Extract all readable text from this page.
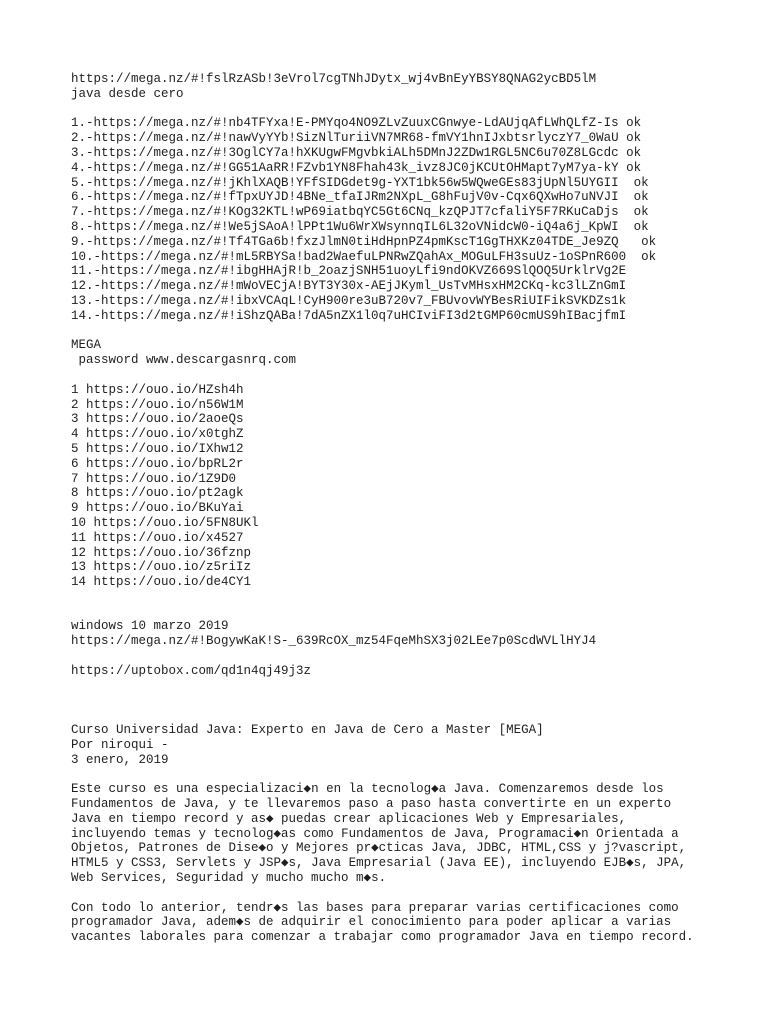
https://mega.nz/#!fslRzASb!3eVrol7cgTNhJDytx_wj4vBnEyYBSY8QNAG2ycBD5lM
java desde cero
1.-https://mega.nz/#!nb4TFYxa!E-PMYqo4NO9ZLvZuuxCGnwye-LdAUjqAfLWhQLfZ-Is ok
2.-https://mega.nz/#!nawVyYYb!SizNlTuriiVN7MR68-fmVY1hnIJxbtsrlyczY7_0WaU ok
3.-https://mega.nz/#!3OglCY7a!hXKUgwFMgvbkiALh5DMnJ2ZDw1RGL5NC6u70Z8LGcdc ok
4.-https://mega.nz/#!GG51AaRR!FZvb1YN8Fhah43k_ivz8JC0jKCUtOHMapt7yM7ya-kY ok
5.-https://mega.nz/#!jKhlXAQB!YFfSIDGdet9g-YXT1bk56w5WQweGEs83jUpNl5UYGII  ok
6.-https://mega.nz/#!fTpxUYJD!4BNe_tfaIJRm2NXpL_G8hFujV0v-Cqx6QXwHo7uNVJI  ok
7.-https://mega.nz/#!KOg32KTL!wP69iatbqYC5Gt6CNq_kzQPJT7cfaliY5F7RKuCaDjs  ok
8.-https://mega.nz/#!We5jSAoA!lPPt1Wu6WrXWsynnqIL6L32oVNidcW0-iQ4a6j_KpWI  ok
9.-https://mega.nz/#!Tf4TGa6b!fxzJlmN0tiHdHpnPZ4pmKscT1GgTHXKz04TDE_Je9ZQ   ok
10.-https://mega.nz/#!mL5RBYSa!bad2WaefuLPNRwZQahAx_MOGuLFH3suUz-1oSPnR600  ok
11.-https://mega.nz/#!ibgHHAjR!b_2oazjSNH51uoyLfi9ndOKVZ669SlQOQ5UrklrVg2E
12.-https://mega.nz/#!mWoVECjA!BYT3Y30x-AEjJKyml_UsTvMHsxHM2CKq-kc3lLZnGmI
13.-https://mega.nz/#!ibxVCAqL!CyH900re3uB720v7_FBUvovWYBesRiUIFikSVKDZs1k
14.-https://mega.nz/#!iShzQABa!7dA5nZX1l0q7uHCIviFI3d2tGMP60cmUS9hIBacjfmI
MEGA
password www.descargasnrq.com
1 https://ouo.io/HZsh4h
2 https://ouo.io/n56W1M
3 https://ouo.io/2aoeQs
4 https://ouo.io/x0tghZ
5 https://ouo.io/IXhw12
6 https://ouo.io/bpRL2r
7 https://ouo.io/1Z9D0
8 https://ouo.io/pt2agk
9 https://ouo.io/BKuYai
10 https://ouo.io/5FN8UKl
11 https://ouo.io/x4527
12 https://ouo.io/36fznp
13 https://ouo.io/z5riIz
14 https://ouo.io/de4CY1
windows 10 marzo 2019
https://mega.nz/#!BogywKaK!S-_639RcOX_mz54FqeMhSX3j02LEe7p0ScdWVLlHYJ4
https://uptobox.com/qd1n4qj49j3z
Curso Universidad Java: Experto en Java de Cero a Master [MEGA]
Por niroqui -
3 enero, 2019
Este curso es una especializaci◆n en la tecnolog◆a Java. Comenzaremos desde los
Fundamentos de Java, y te llevaremos paso a paso hasta convertirte en un experto
Java en tiempo record y as◆ puedas crear aplicaciones Web y Empresariales,
incluyendo temas y tecnolog◆as como Fundamentos de Java, Programaci◆n Orientada a
Objetos, Patrones de Dise◆o y Mejores pr◆cticas Java, JDBC, HTML,CSS y j?vascript,
HTML5 y CSS3, Servlets y JSP◆s, Java Empresarial (Java EE), incluyendo EJB◆s, JPA,
Web Services, Seguridad y mucho mucho m◆s.
Con todo lo anterior, tendr◆s las bases para preparar varias certificaciones como
programador Java, adem◆s de adquirir el conocimiento para poder aplicar a varias
vacantes laborales para comenzar a trabajar como programador Java en tiempo record.
